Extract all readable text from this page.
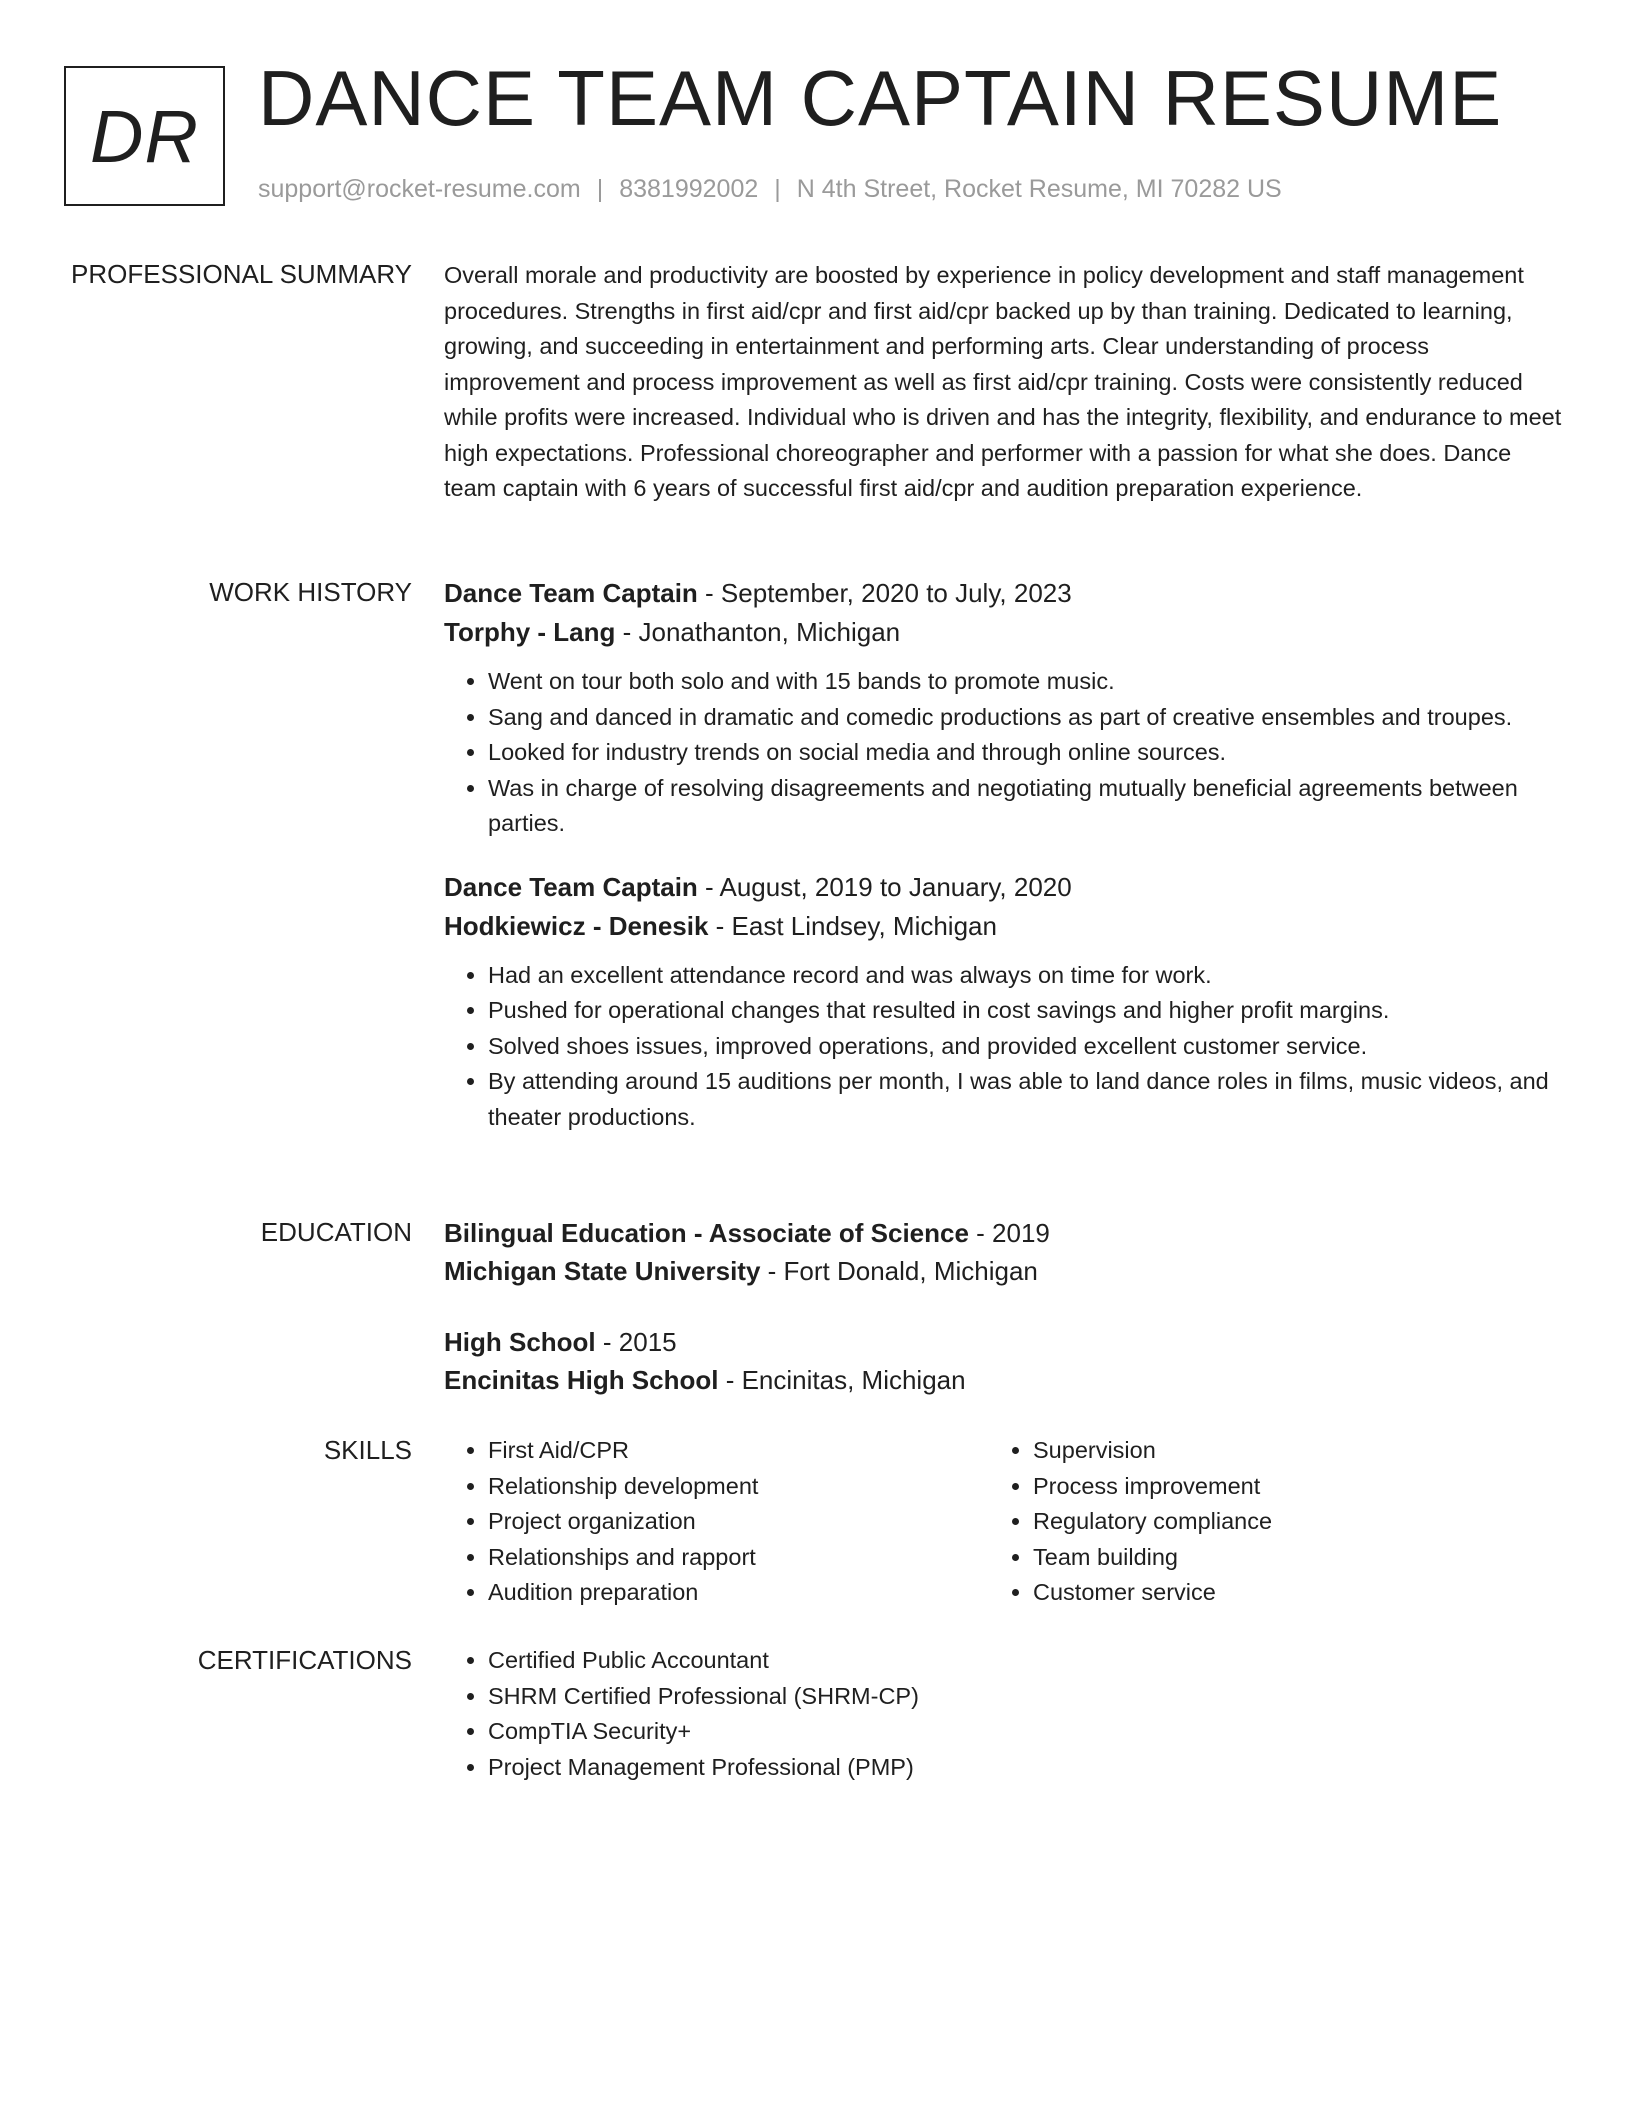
DR DANCE TEAM CAPTAIN RESUME
support@rocket-resume.com | 8381992002 | N 4th Street, Rocket Resume, MI 70282 US
PROFESSIONAL SUMMARY Overall morale and productivity are boosted by experience in policy development and staff management procedures. Strengths in first aid/cpr and first aid/cpr backed up by than training. Dedicated to learning, growing, and succeeding in entertainment and performing arts. Clear understanding of process improvement and process improvement as well as first aid/cpr training. Costs were consistently reduced while profits were increased. Individual who is driven and has the integrity, flexibility, and endurance to meet high expectations. Professional choreographer and performer with a passion for what she does. Dance team captain with 6 years of successful first aid/cpr and audition preparation experience.

WORK HISTORY Dance Team Captain - September, 2020 to July, 2023
Torphy - Lang - Jonathanton, Michigan
• Went on tour both solo and with 15 bands to promote music.
• Sang and danced in dramatic and comedic productions as part of creative ensembles and troupes.
• Looked for industry trends on social media and through online sources.
• Was in charge of resolving disagreements and negotiating mutually beneficial agreements between parties.
Dance Team Captain - August, 2019 to January, 2020
Hodkiewicz - Denesik - East Lindsey, Michigan
• Had an excellent attendance record and was always on time for work.
• Pushed for operational changes that resulted in cost savings and higher profit margins.
• Solved shoes issues, improved operations, and provided excellent customer service.
• By attending around 15 auditions per month, I was able to land dance roles in films, music videos, and theater productions.
EDUCATION Bilingual Education - Associate of Science - 2019
Michigan State University - Fort Donald, Michigan
High School - 2015
Encinitas High School - Encinitas, Michigan
SKILLS	• First Aid/CPR
• Relationship development
• Project organization
• Relationships and rapport
• Audition preparation
• Supervision
• Process improvement
• Regulatory compliance
• Team building
• Customer service
CERTIFICATIONS	• Certified Public Accountant
• SHRM Certified Professional (SHRM-CP)
• CompTIA Security+
• Project Management Professional (PMP)
